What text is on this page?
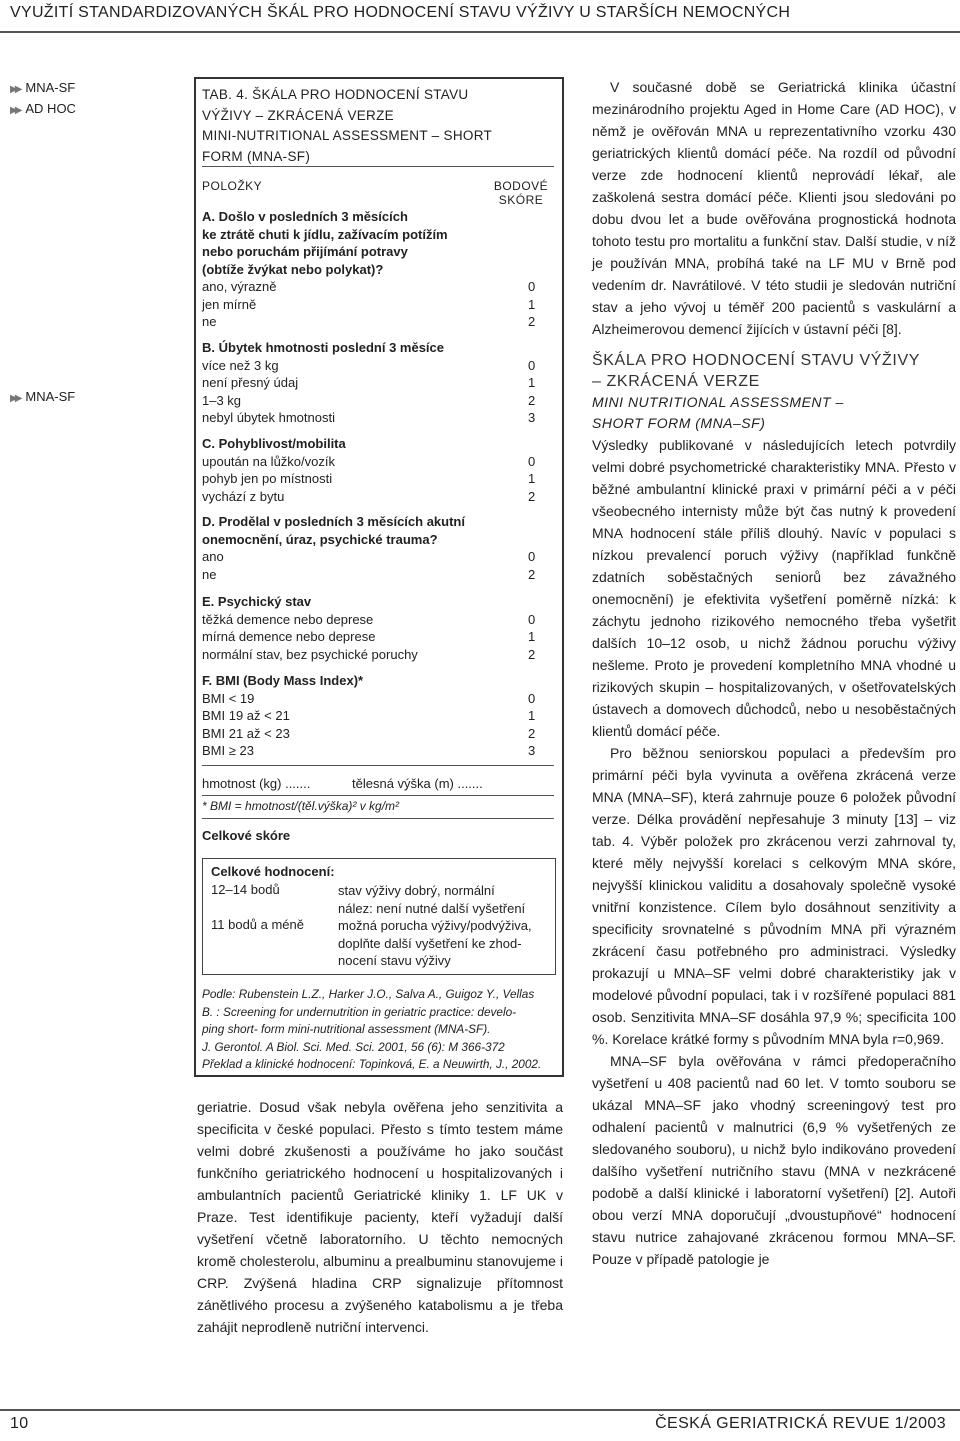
VYUŽITÍ STANDARDIZOVANÝCH ŠKÁL PRO HODNOCENÍ STAVU VÝŽIVY U STARŠÍCH NEMOCNÝCH
▶▶ MNA-SF
▶▶ AD HOC
▶▶ MNA-SF
TAB. 4. ŠKÁLA PRO HODNOCENÍ STAVU
VÝŽIVY – ZKRÁCENÁ VERZE
MINI-NUTRITIONAL ASSESSMENT – SHORT
FORM (MNA-SF)
POLOŽKY	BODOVÉ
SKÓRE
A. Došlo v posledních 3 měsících
ke ztrátě chuti k jídlu, zažívacím potížím
nebo poruchám přijímání potravy
(obtíže žvýkat nebo polykat)?
ano, výrazně	0
jen mírně	1
ne	2
B. Úbytek hmotnosti poslední 3 měsíce
více než 3 kg	0
není přesný údaj	1
1–3 kg	2
nebyl úbytek hmotnosti	3
C. Pohyblivost/mobilita
upoután na lůžko/vozík	0
pohyb jen po místnosti	1
vychází z bytu	2
D. Prodělal v posledních 3 měsících akutní
onemocnění, úraz, psychické trauma?
ano	0
ne	2
E. Psychický stav
těžká demence nebo deprese	0
mírná demence nebo deprese	1
normální stav, bez psychické poruchy	2
F. BMI (Body Mass Index)*
BMI < 19	0
BMI 19 až < 21	1
BMI 21 až < 23	2
BMI ≥ 23	3
hmotnost (kg) .......	tělesná výška (m) .......
* BMI = hmotnost/(těl.výška)² v kg/m²
Celkové skóre
Celkové hodnocení:
12–14 bodů	stav výživy dobrý, normální
nález: není nutné další vyšetření
11 bodů a méně	možná porucha výživy/podvýživa,
doplňte další vyšetření ke zhod-
nocení stavu výživy
Podle: Rubenstein L.Z., Harker J.O., Salva A., Guigoz Y., Vellas
B. : Screening for undernutrition in geriatric practice: develo-
ping short- form mini-nutritional assessment (MNA-SF).
J. Gerontol. A Biol. Sci. Med. Sci. 2001, 56 (6): M 366-372
Překlad a klinické hodnocení: Topinková, E. a Neuwirth, J., 2002.

geriatrie. Dosud však nebyla ověřena jeho senzitivita a specificita v české populaci. Přesto s tímto testem máme velmi dobré zkušenosti a používáme ho jako součást funkčního geriatrického hodnocení u hospitalizovaných i ambulantních pacientů Geriatrické kliniky 1. LF UK v Praze. Test identifikuje pacienty, kteří vyžadují další vyšetření včetně laboratorního. U těchto nemocných kromě cholesterolu, albuminu a prealbuminu stanovujeme i CRP. Zvýšená hladina CRP signalizuje přítomnost zánětlivého procesu a zvýšeného katabolismu a je třeba zahájit neprodleně nutriční intervenci.

V současné době se Geriatrická klinika účastní mezinárodního projektu Aged in Home Care (AD HOC), v němž je ověřován MNA u reprezentativního vzorku 430 geriatrických klientů domácí péče. Na rozdíl od původní verze zde hodnocení klientů neprovádí lékař, ale zaškolená sestra domácí péče. Klienti jsou sledováni po dobu dvou let a bude ověřována prognostická hodnota tohoto testu pro mortalitu a funkční stav. Další studie, v níž je používán MNA, probíhá také na LF MU v Brně pod vedením dr. Navrátilové. V této studii je sledován nutriční stav a jeho vývoj u téměř 200 pacientů s vaskulární a Alzheimerovou demencí žijících v ústavní péči [8].

ŠKÁLA PRO HODNOCENÍ STAVU VÝŽIVY
– ZKRÁCENÁ VERZE
MINI NUTRITIONAL ASSESSMENT –
SHORT FORM (MNA–SF)

Výsledky publikované v následujících letech potvrdily velmi dobré psychometrické charakteristiky MNA. Přesto v běžné ambulantní klinické praxi v primární péči a v péči všeobecného internisty může být čas nutný k provedení MNA hodnocení stále příliš dlouhý. Navíc v populaci s nízkou prevalencí poruch výživy (například funkčně zdatních soběstačných seniorů bez závažného onemocnění) je efektivita vyšetření poměrně nízká: k záchytu jednoho rizikového nemocného třeba vyšetřit dalších 10–12 osob, u nichž žádnou poruchu výživy nešleme. Proto je provedení kompletního MNA vhodné u rizikových skupin – hospitalizovaných, v ošetřovatelských ústavech a domovech důchodců, nebo u nesoběstačných klientů domácí péče.

Pro běžnou seniorskou populaci a především pro primární péči byla vyvinuta a ověřena zkrácená verze MNA (MNA–SF), která zahrnuje pouze 6 položek původní verze. Délka provádění nepřesahuje 3 minuty [13] – viz tab. 4. Výběr položek pro zkrácenou verzi zahrnoval ty, které měly nejvyšší korelaci s celkovým MNA skóre, nejvyšší klinickou validitu a dosahovaly společně vysoké vnitřní konzistence. Cílem bylo dosáhnout senzitivity a specificity srovnatelné s původním MNA při výrazném zkrácení času potřebného pro administraci. Výsledky prokazují u MNA–SF velmi dobré charakteristiky jak v modelové původní populaci, tak i v rozšířené populaci 881 osob. Senzitivita MNA–SF dosáhla 97,9 %; specificita 100 %. Korelace krátké formy s původním MNA byla r=0,969.

MNA–SF byla ověřována v rámci předoperačního vyšetření u 408 pacientů nad 60 let. V tomto souboru se ukázal MNA–SF jako vhodný screeningový test pro odhalení pacientů v malnutrici (6,9 % vyšetřených ze sledovaného souboru), u nichž bylo indikováno provedení dalšího vyšetření nutričního stavu (MNA v nezkrácené podobě a další klinické i laboratorní vyšetření) [2]. Autoři obou verzí MNA doporučují „dvoustupňové“ hodnocení stavu nutrice zahajované zkrácenou formou MNA–SF. Pouze v případě patologie je

10	ČESKÁ GERIATRICKÁ REVUE 1/2003
